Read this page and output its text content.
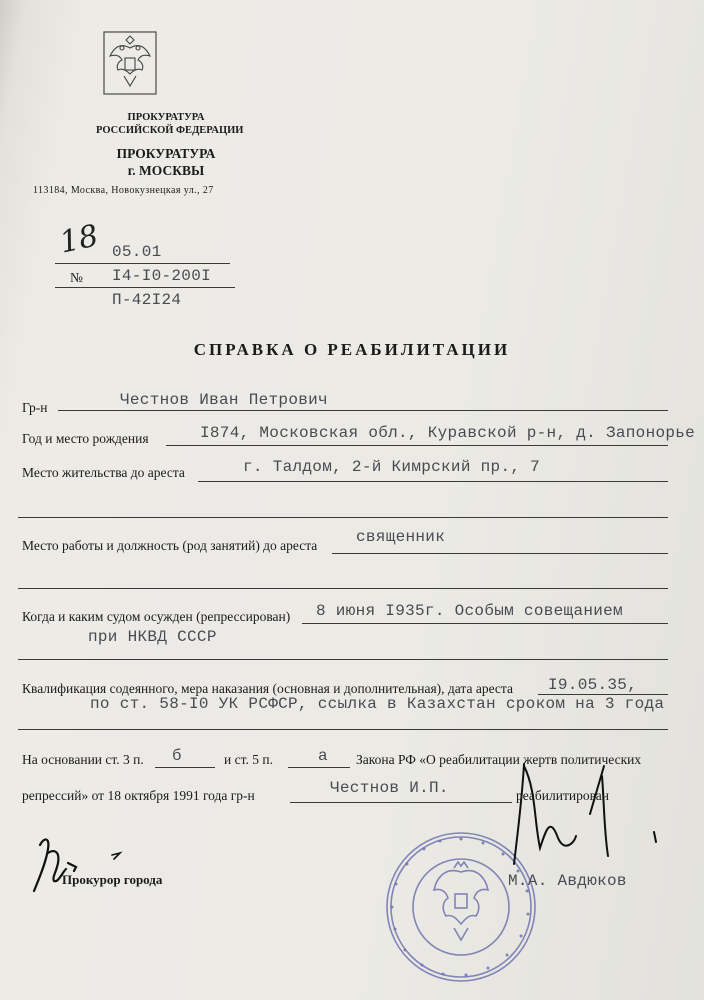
ПРОКУРАТУРА
РОССИЙСКОЙ ФЕДЕРАЦИИ
ПРОКУРАТУРА
г. МОСКВЫ
113184, Москва, Новокузнецкая ул., 27
18 05.01
№ I4-I0-200I
П-42I24
СПРАВКА О РЕАБИЛИТАЦИИ
Гр-н	Честнов Иван Петрович
Год и место рождения	I874, Московская обл., Куравской р-н, д. Запонорье
Место жительства до ареста	г. Талдом, 2-й Кимрский пр., 7
Место работы и должность (род занятий) до ареста священник
Когда и каким судом осужден (репрессирован) 8 июня I935г. Особым совещанием
при НКВД СССР
Квалификация содеянного, мера наказания (основная и дополнительная), дата ареста I9.05.35,
по ст. 58-I0 УК РСФСР, ссылка в Казахстан сроком на 3 года
На основании ст. 3 п. б	и ст. 5 п.	а Закона РФ «О реабилитации жертв политических
репрессий» от 18 октября 1991 года гр-н	Честнов И.П.	реабилитирован
Прокурор города	М.А. Авдюков
